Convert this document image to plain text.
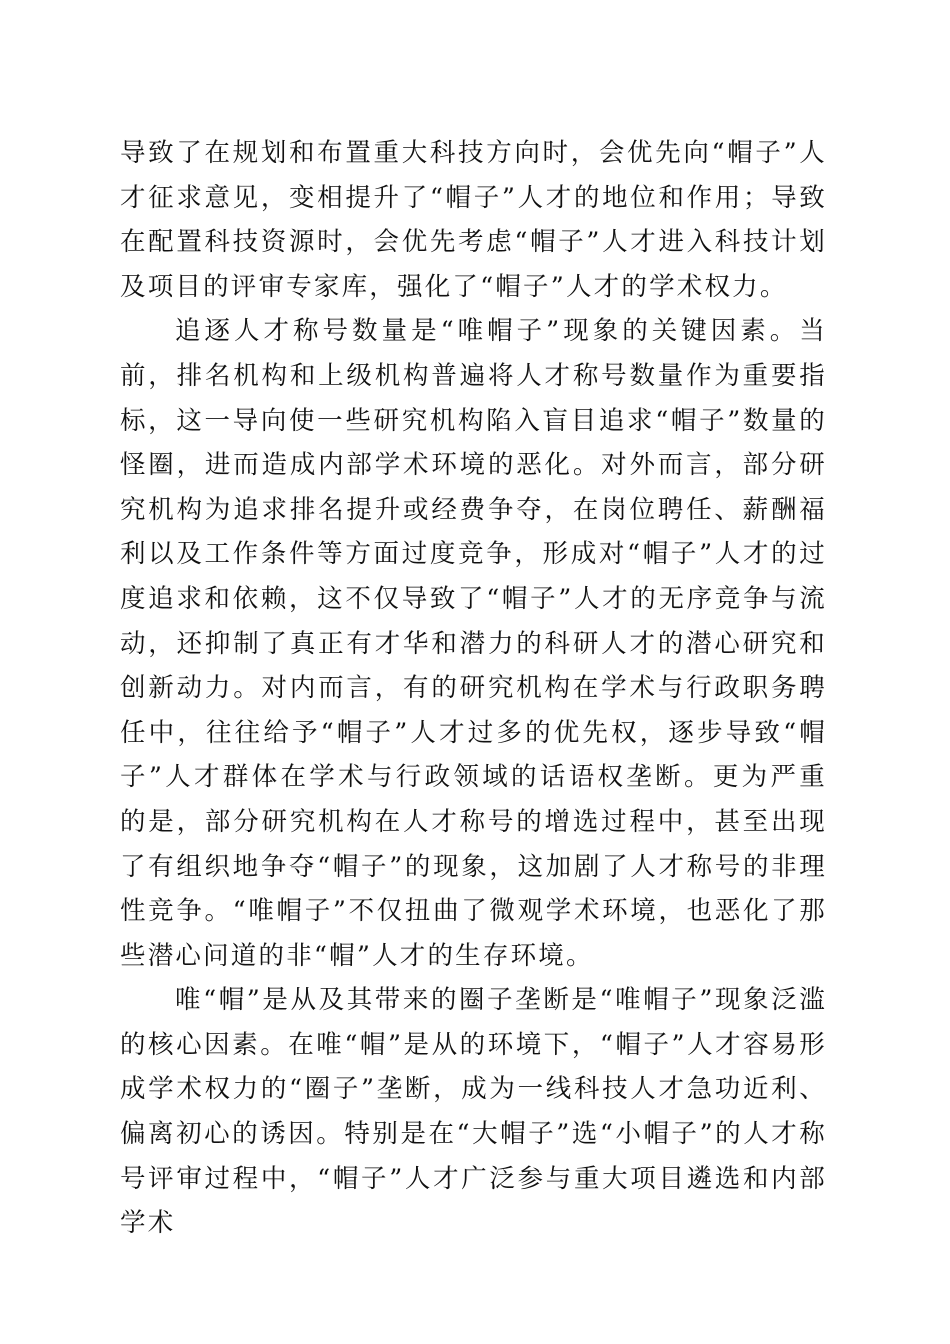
导致了在规划和布置重大科技方向时，会优先向“帽子”人才征求意见，变相提升了“帽子”人才的地位和作用；导致在配置科技资源时，会优先考虑“帽子”人才进入科技计划及项目的评审专家库，强化了“帽子”人才的学术权力。

追逐人才称号数量是“唯帽子”现象的关键因素。当前，排名机构和上级机构普遍将人才称号数量作为重要指标，这一导向使一些研究机构陷入盲目追求“帽子”数量的怪圈，进而造成内部学术环境的恶化。对外而言，部分研究机构为追求排名提升或经费争夺，在岗位聘任、薪酬福利以及工作条件等方面过度竞争，形成对“帽子”人才的过度追求和依赖，这不仅导致了“帽子”人才的无序竞争与流动，还抑制了真正有才华和潜力的科研人才的潜心研究和创新动力。对内而言，有的研究机构在学术与行政职务聘任中，往往给予“帽子”人才过多的优先权，逐步导致“帽子”人才群体在学术与行政领域的话语权垄断。更为严重的是，部分研究机构在人才称号的增选过程中，甚至出现了有组织地争夺“帽子”的现象，这加剧了人才称号的非理性竞争。“唯帽子”不仅扭曲了微观学术环境，也恶化了那些潜心问道的非“帽”人才的生存环境。

唯“帽”是从及其带来的圈子垄断是“唯帽子”现象泛滥的核心因素。在唯“帽”是从的环境下，“帽子”人才容易形成学术权力的“圈子”垄断，成为一线科技人才急功近利、偏离初心的诱因。特别是在“大帽子”选“小帽子”的人才称号评审过程中，“帽子”人才广泛参与重大项目遴选和内部学术
